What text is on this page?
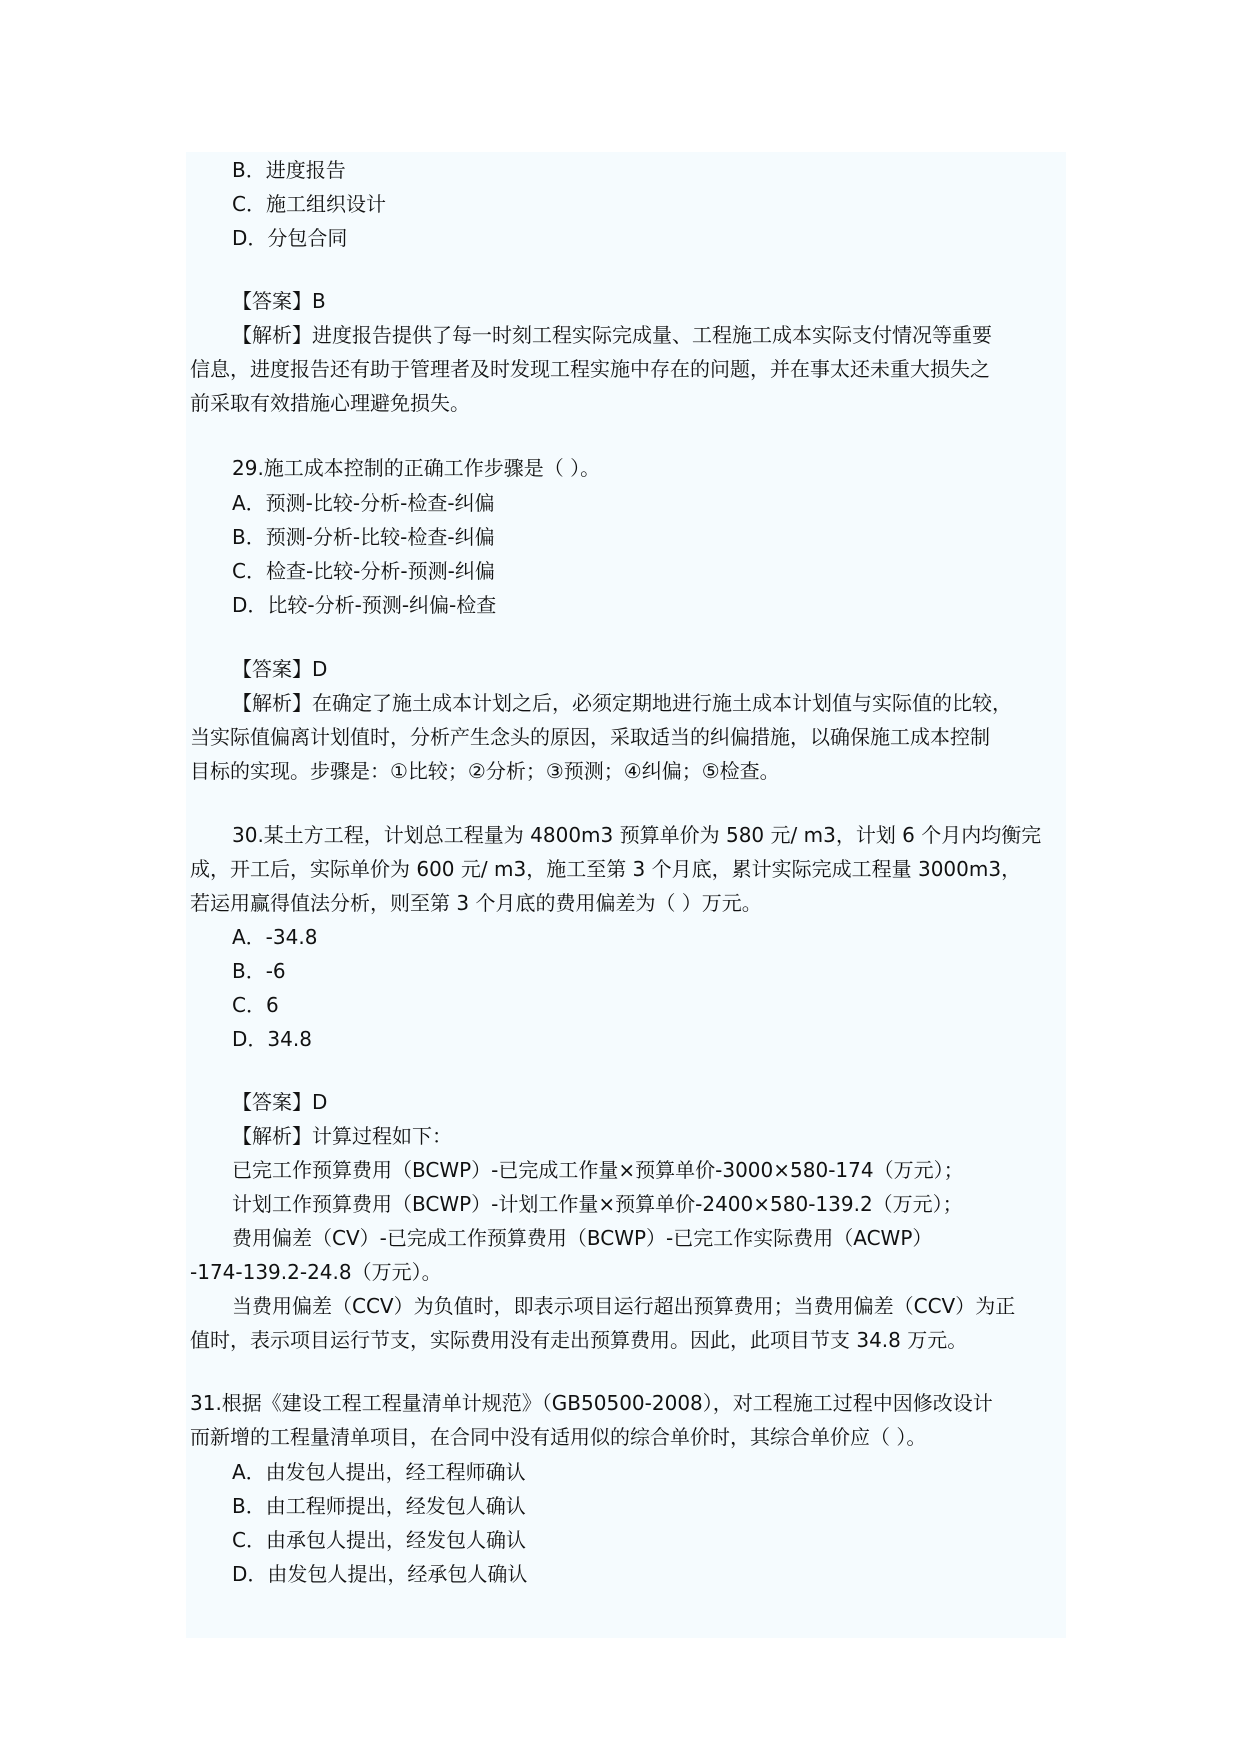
B．进度报告
C．施工组织设计
D．分包合同
【答案】B
【解析】进度报告提供了每一时刻工程实际完成量、工程施工成本实际支付情况等重要
信息，进度报告还有助于管理者及时发现工程实施中存在的问题，并在事太还未重大损失之
前采取有效措施心理避免损失。
29.施工成本控制的正确工作步骤是（ ）。
A．预测-比较-分析-检查-纠偏
B．预测-分析-比较-检查-纠偏
C．检查-比较-分析-预测-纠偏
D．比较-分析-预测-纠偏-检查
【答案】D
【解析】在确定了施土成本计划之后，必须定期地进行施土成本计划值与实际值的比较，
当实际值偏离计划值时，分析产生念头的原因，采取适当的纠偏措施，以确保施工成本控制
目标的实现。步骤是：①比较；②分析；③预测；④纠偏；⑤检查。
30.某土方工程，计划总工程量为 4800m3 预算单价为 580 元/ m3，计划 6 个月内均衡完
成，开工后，实际单价为 600 元/ m3，施工至第 3 个月底，累计实际完成工程量 3000m3，
若运用赢得值法分析，则至第 3 个月底的费用偏差为（ ）万元。
A．-34.8
B．-6
C．6
D．34.8
【答案】D
【解析】计算过程如下：
已完工作预算费用（BCWP）-已完成工作量×预算单价-3000×580-174（万元）；
计划工作预算费用（BCWP）-计划工作量×预算单价-2400×580-139.2（万元）；
费用偏差（CV）-已完成工作预算费用（BCWP）-已完工作实际费用（ACWP）
-174-139.2-24.8（万元）。
当费用偏差（CCV）为负值时，即表示项目运行超出预算费用；当费用偏差（CCV）为正
值时，表示项目运行节支，实际费用没有走出预算费用。因此，此项目节支 34.8 万元。
31.根据《建设工程工程量清单计规范》（GB50500-2008），对工程施工过程中因修改设计
而新增的工程量清单项目，在合同中没有适用似的综合单价时，其综合单价应（ ）。
A．由发包人提出，经工程师确认
B．由工程师提出，经发包人确认
C．由承包人提出，经发包人确认
D．由发包人提出，经承包人确认
